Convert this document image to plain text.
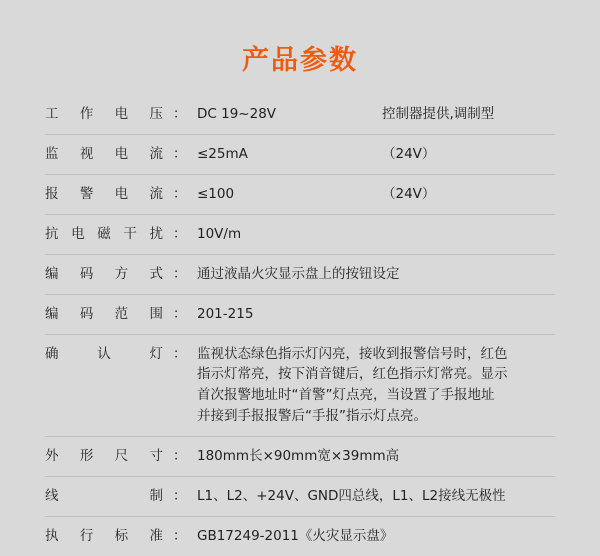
产品参数
工作电压	：	DC 19~28V	控制器提供,调制型
监视电流	：	≤25mA	（24V）
报警电流	：	≤100	（24V）
抗电磁干扰	：	10V/m	

编码方式	：	通过液晶火灾显示盘上的按钮设定	

编码范围	：	201-215	

确认灯	：	监视状态绿色指示灯闪亮，接收到报警信号时，红色
指示灯常亮，按下消音键后，红色指示灯常亮。显示
首次报警地址时“首警”灯点亮，当设置了手报地址
并接到手报报警后“手报”指示灯点亮。	

外形尺寸	：	180mm长×90mm宽×39mm高	

线制	：	L1、L2、+24V、GND四总线，L1、L2接线无极性	

执行标准	：	GB17249-2011《火灾显示盘》	
